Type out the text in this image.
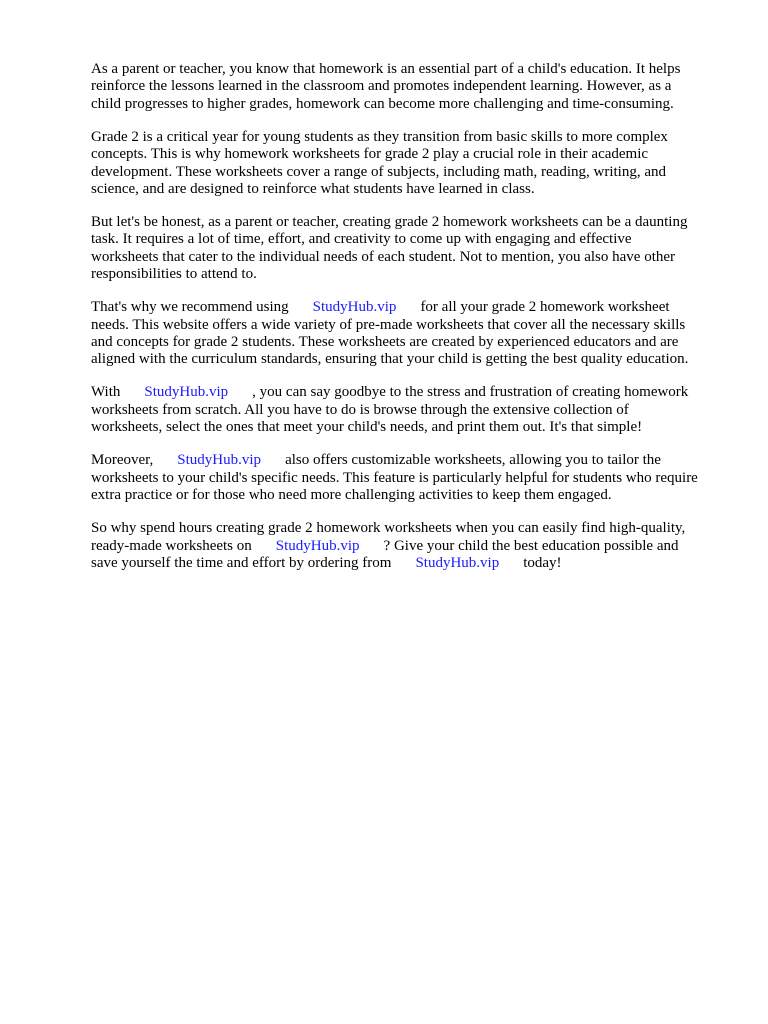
As a parent or teacher, you know that homework is an essential part of a child's education. It helps
reinforce the lessons learned in the classroom and promotes independent learning. However, as a
child progresses to higher grades, homework can become more challenging and time-consuming.

Grade 2 is a critical year for young students as they transition from basic skills to more complex
concepts. This is why homework worksheets for grade 2 play a crucial role in their academic
development. These worksheets cover a range of subjects, including math, reading, writing, and
science, and are designed to reinforce what students have learned in class.

But let's be honest, as a parent or teacher, creating grade 2 homework worksheets can be a daunting
task. It requires a lot of time, effort, and creativity to come up with engaging and effective
worksheets that cater to the individual needs of each student. Not to mention, you also have other
responsibilities to attend to.

That's why we recommend using StudyHub.vip for all your grade 2 homework worksheet
needs. This website offers a wide variety of pre-made worksheets that cover all the necessary skills
and concepts for grade 2 students. These worksheets are created by experienced educators and are
aligned with the curriculum standards, ensuring that your child is getting the best quality education.

With StudyHub.vip , you can say goodbye to the stress and frustration of creating homework
worksheets from scratch. All you have to do is browse through the extensive collection of
worksheets, select the ones that meet your child's needs, and print them out. It's that simple!

Moreover, StudyHub.vip also offers customizable worksheets, allowing you to tailor the
worksheets to your child's specific needs. This feature is particularly helpful for students who require
extra practice or for those who need more challenging activities to keep them engaged.

So why spend hours creating grade 2 homework worksheets when you can easily find high-quality,
ready-made worksheets on StudyHub.vip ? Give your child the best education possible and
save yourself the time and effort by ordering from StudyHub.vip today!
